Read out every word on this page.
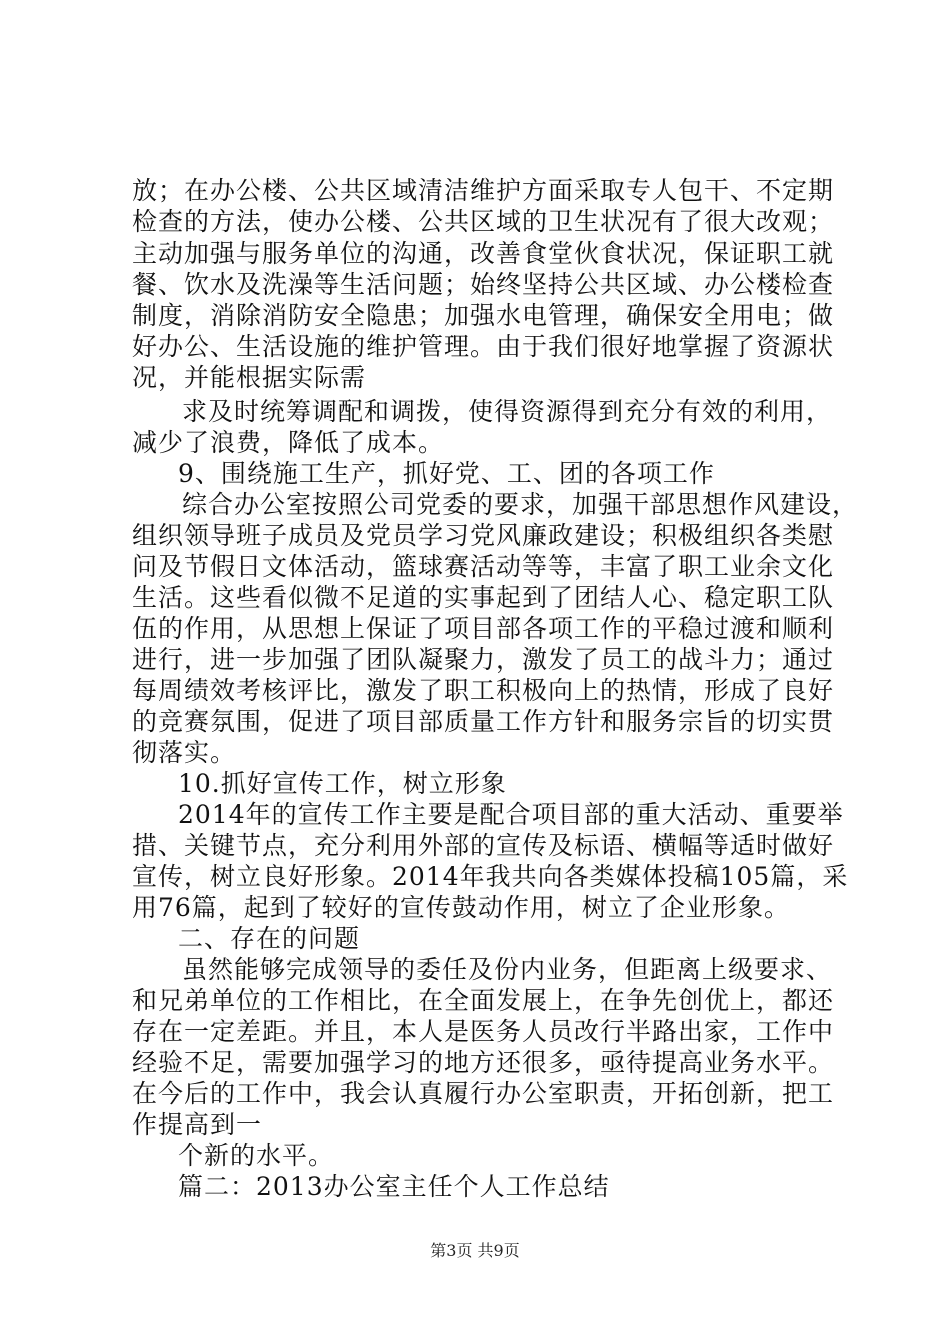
放；在办公楼、公共区域清洁维护方面采取专人包干、不定期
检查的方法，使办公楼、公共区域的卫生状况有了很大改观；
主动加强与服务单位的沟通，改善食堂伙食状况，保证职工就
餐、饮水及洗澡等生活问题；始终坚持公共区域、办公楼检查
制度，消除消防安全隐患；加强水电管理，确保安全用电；做
好办公、生活设施的维护管理。由于我们很好地掌握了资源状
况，并能根据实际需
求及时统筹调配和调拨，使得资源得到充分有效的利用，
减少了浪费，降低了成本。
9、围绕施工生产，抓好党、工、团的各项工作
综合办公室按照公司党委的要求，加强干部思想作风建设，
组织领导班子成员及党员学习党风廉政建设；积极组织各类慰
问及节假日文体活动，篮球赛活动等等，丰富了职工业余文化
生活。这些看似微不足道的实事起到了团结人心、稳定职工队
伍的作用，从思想上保证了项目部各项工作的平稳过渡和顺利
进行，进一步加强了团队凝聚力，激发了员工的战斗力；通过
每周绩效考核评比，激发了职工积极向上的热情，形成了良好
的竞赛氛围，促进了项目部质量工作方针和服务宗旨的切实贯
彻落实。
10.抓好宣传工作，树立形象
2014年的宣传工作主要是配合项目部的重大活动、重要举
措、关键节点，充分利用外部的宣传及标语、横幅等适时做好
宣传，树立良好形象。2014年我共向各类媒体投稿105篇，采
用76篇，起到了较好的宣传鼓动作用，树立了企业形象。
二、存在的问题
虽然能够完成领导的委任及份内业务，但距离上级要求、
和兄弟单位的工作相比，在全面发展上，在争先创优上，都还
存在一定差距。并且，本人是医务人员改行半路出家，工作中
经验不足，需要加强学习的地方还很多，亟待提高业务水平。
在今后的工作中，我会认真履行办公室职责，开拓创新，把工
作提高到一
个新的水平。
篇二：2013办公室主任个人工作总结
第3页 共9页
